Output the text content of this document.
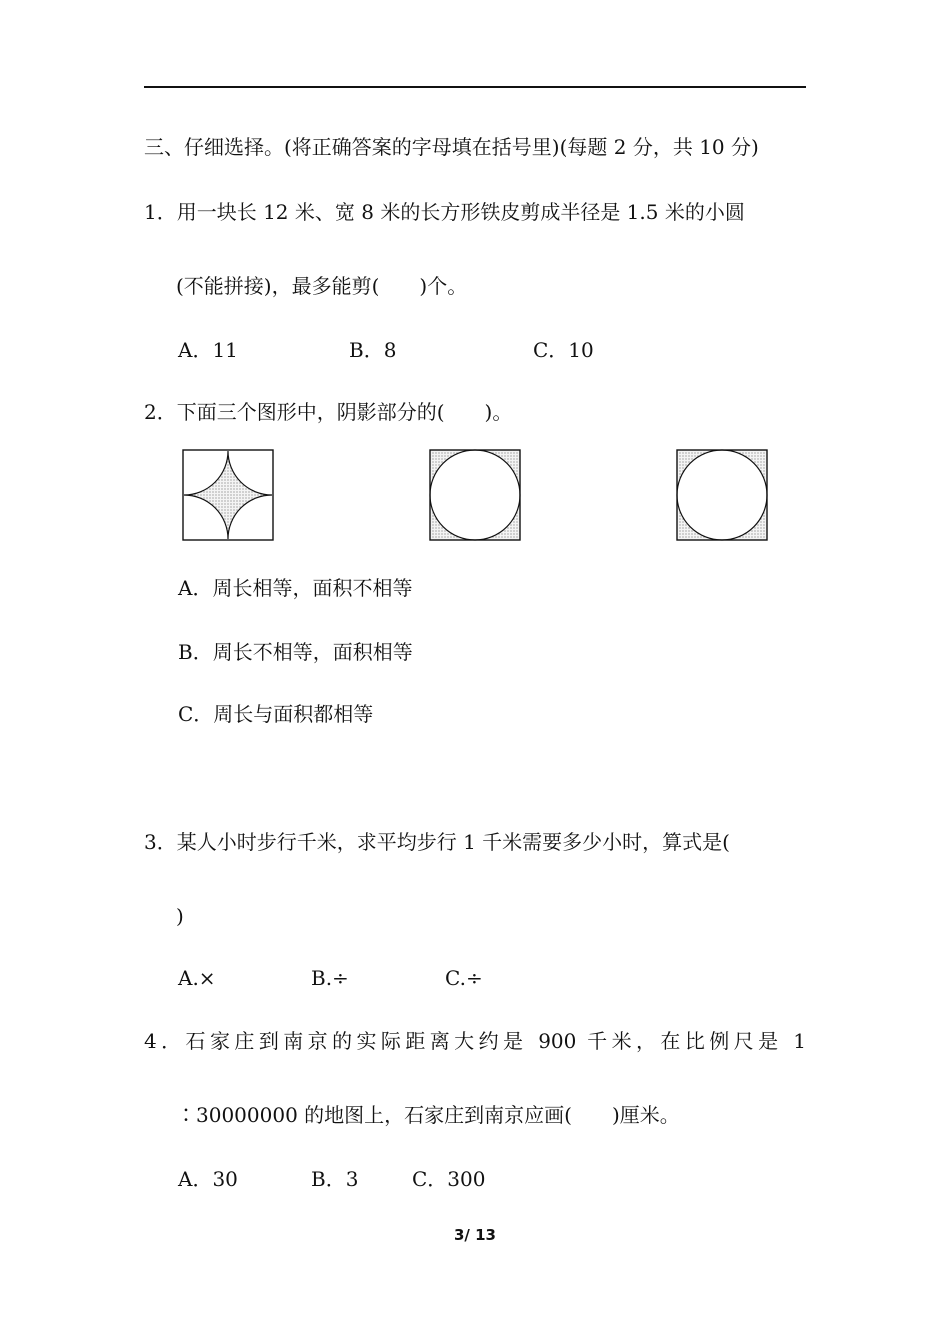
三、仔细选择。(将正确答案的字母填在括号里)(每题 2 分，共 10 分)
1．用一块长 12 米、宽 8 米的长方形铁皮剪成半径是 1.5 米的小圆
(不能拼接)，最多能剪(　　)个。
A．11	B．8	C．10
2．下面三个图形中，阴影部分的(　　)。
A．周长相等，面积不相等
B．周长不相等，面积相等
C．周长与面积都相等
3．某人小时步行千米，求平均步行 1 千米需要多少小时，算式是(
)
A.×	B.÷	C.÷
4．石家庄到南京的实际距离大约是 900 千米，在比例尺是 1
∶30000000 的地图上，石家庄到南京应画(　　)厘米。
A．30	B．3	C．300
3/ 13
